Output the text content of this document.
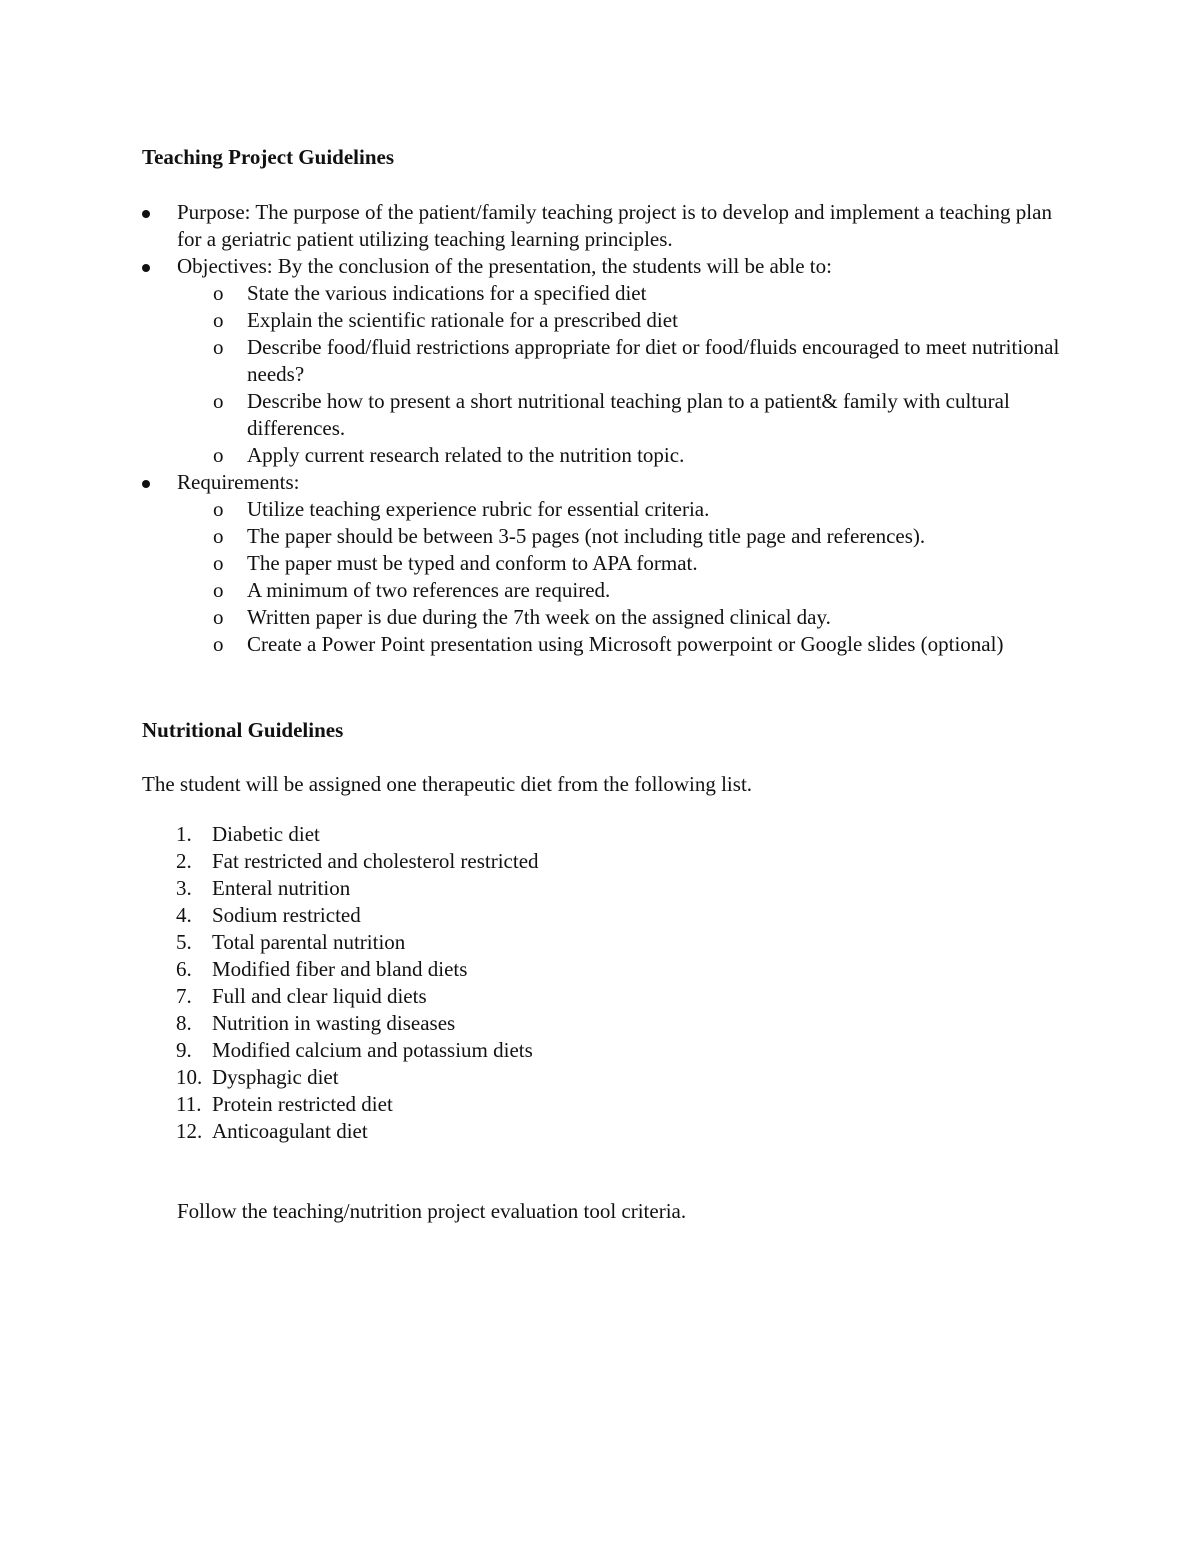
Teaching Project Guidelines
Purpose: The purpose of the patient/family teaching project is to develop and implement a teaching plan for a geriatric patient utilizing teaching learning principles.
Objectives: By the conclusion of the presentation, the students will be able to:
o	State the various indications for a specified diet
o	Explain the scientific rationale for a prescribed diet
o	Describe food/fluid restrictions appropriate for diet or food/fluids encouraged to meet nutritional needs?
o	Describe how to present a short nutritional teaching plan to a patient& family with cultural differences.
o	Apply current research related to the nutrition topic.
Requirements:
o	Utilize teaching experience rubric for essential criteria.
o	The paper should be between 3-5 pages (not including title page and references).
o	The paper must be typed and conform to APA format.
o	A minimum of two references are required.
o	Written paper is due during the 7th week on the assigned clinical day.
o	Create a Power Point presentation using Microsoft powerpoint or Google slides (optional)
Nutritional Guidelines

The student will be assigned one therapeutic diet from the following list.

1. Diabetic diet
2. Fat restricted and cholesterol restricted
3. Enteral nutrition
4. Sodium restricted
5. Total parental nutrition
6. Modified fiber and bland diets
7. Full and clear liquid diets
8. Nutrition in wasting diseases
9. Modified calcium and potassium diets
10. Dysphagic diet
11. Protein restricted diet
12. Anticoagulant diet

Follow the teaching/nutrition project evaluation tool criteria.
